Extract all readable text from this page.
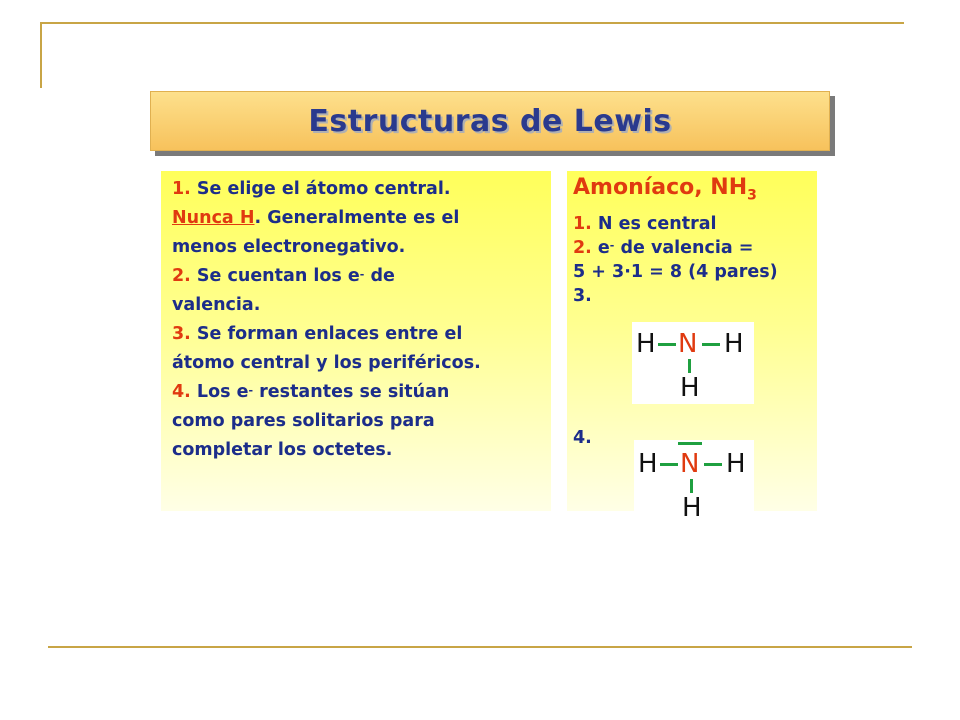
Estructuras de Lewis
1. Se elige el átomo central.
Nunca H. Generalmente es el
menos electronegativo.
2. Se cuentan los e- de
valencia.
3. Se forman enlaces entre el
átomo central y los periféricos.
4. Los e- restantes se sitúan
como pares solitarios para
completar los octetes.
Amoníaco, $NH_3$
1. N es central
2. e- de valencia =
5 + 3·1 = 8 (4 pares)
3.
4.
H N H
H
H N H
H
